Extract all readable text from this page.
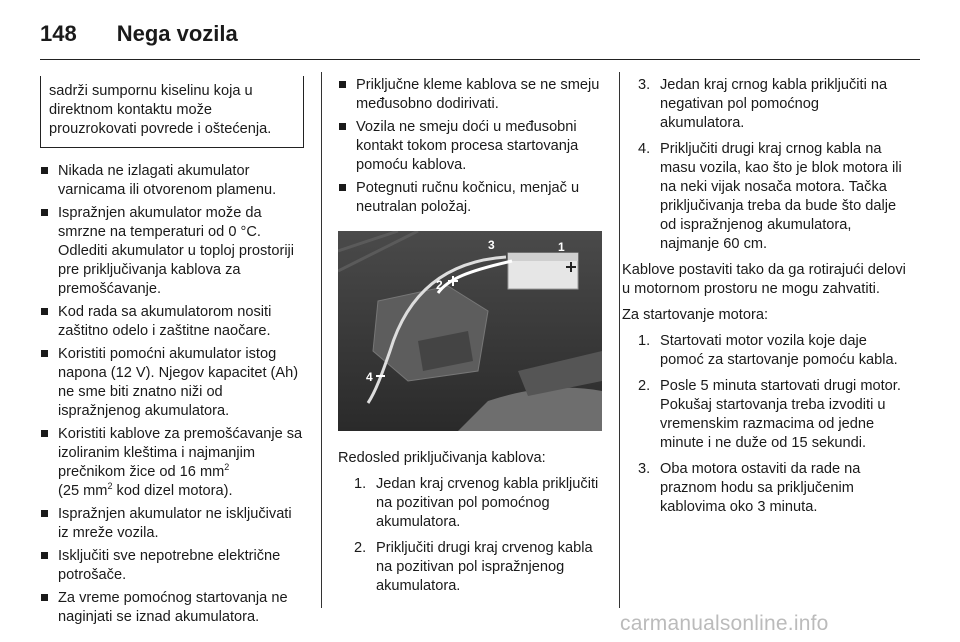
148 Nega vozila

sadrži sumpornu kiselinu koja u direktnom kontaktu može prouzrokovati povrede i oštećenja.

Nikada ne izlagati akumulator varnicama ili otvorenom plamenu.
Ispražnjen akumulator može da smrzne na temperaturi od 0 °C. Odlediti akumulator u toploj prostoriji pre priključivanja kablova za premošćavanje.
Kod rada sa akumulatorom nositi zaštitno odelo i zaštitne naočare.
Koristiti pomoćni akumulator istog napona (12 V). Njegov kapacitet (Ah) ne sme biti znatno niži od ispražnjenog akumulatora.
Koristiti kablove za premošćavanje sa izoliranim kleštima i najmanjim prečnikom žice od 16 $mm^2$
(25 $mm^2$ kod dizel motora).
Ispražnjen akumulator ne isključivati iz mreže vozila.
Isključiti sve nepotrebne električne potrošače.
Za vreme pomoćnog startovanja ne naginjati se iznad akumulatora.
Priključne kleme kablova se ne smeju međusobno dodirivati.
Vozila ne smeju doći u međusobni kontakt tokom procesa startovanja pomoću kablova.
Potegnuti ručnu kočnicu, menjač u neutralan položaj.
3	1
2
4

Redosled priključivanja kablova:

1. Jedan kraj crvenog kabla priključiti na pozitivan pol pomoćnog akumulatora.
2. Priključiti drugi kraj crvenog kabla na pozitivan pol ispražnjenog akumulatora.
3. Jedan kraj crnog kabla priključiti na negativan pol pomoćnog akumulatora.
4. Priključiti drugi kraj crnog kabla na masu vozila, kao što je blok motora ili na neki vijak nosača motora. Tačka priključivanja treba da bude što dalje od ispražnjenog akumulatora, najmanje 60 cm.

Kablove postaviti tako da ga rotirajući delovi u motornom prostoru ne mogu zahvatiti.

Za startovanje motora:

1. Startovati motor vozila koje daje pomoć za startovanje pomoću kabla.
2. Posle 5 minuta startovati drugi motor. Pokušaj startovanja treba izvoditi u vremenskim razmacima od jedne minute i ne duže od 15 sekundi.
3. Oba motora ostaviti da rade na praznom hodu sa priključenim kablovima oko 3 minuta.
carmanualsonline.info
